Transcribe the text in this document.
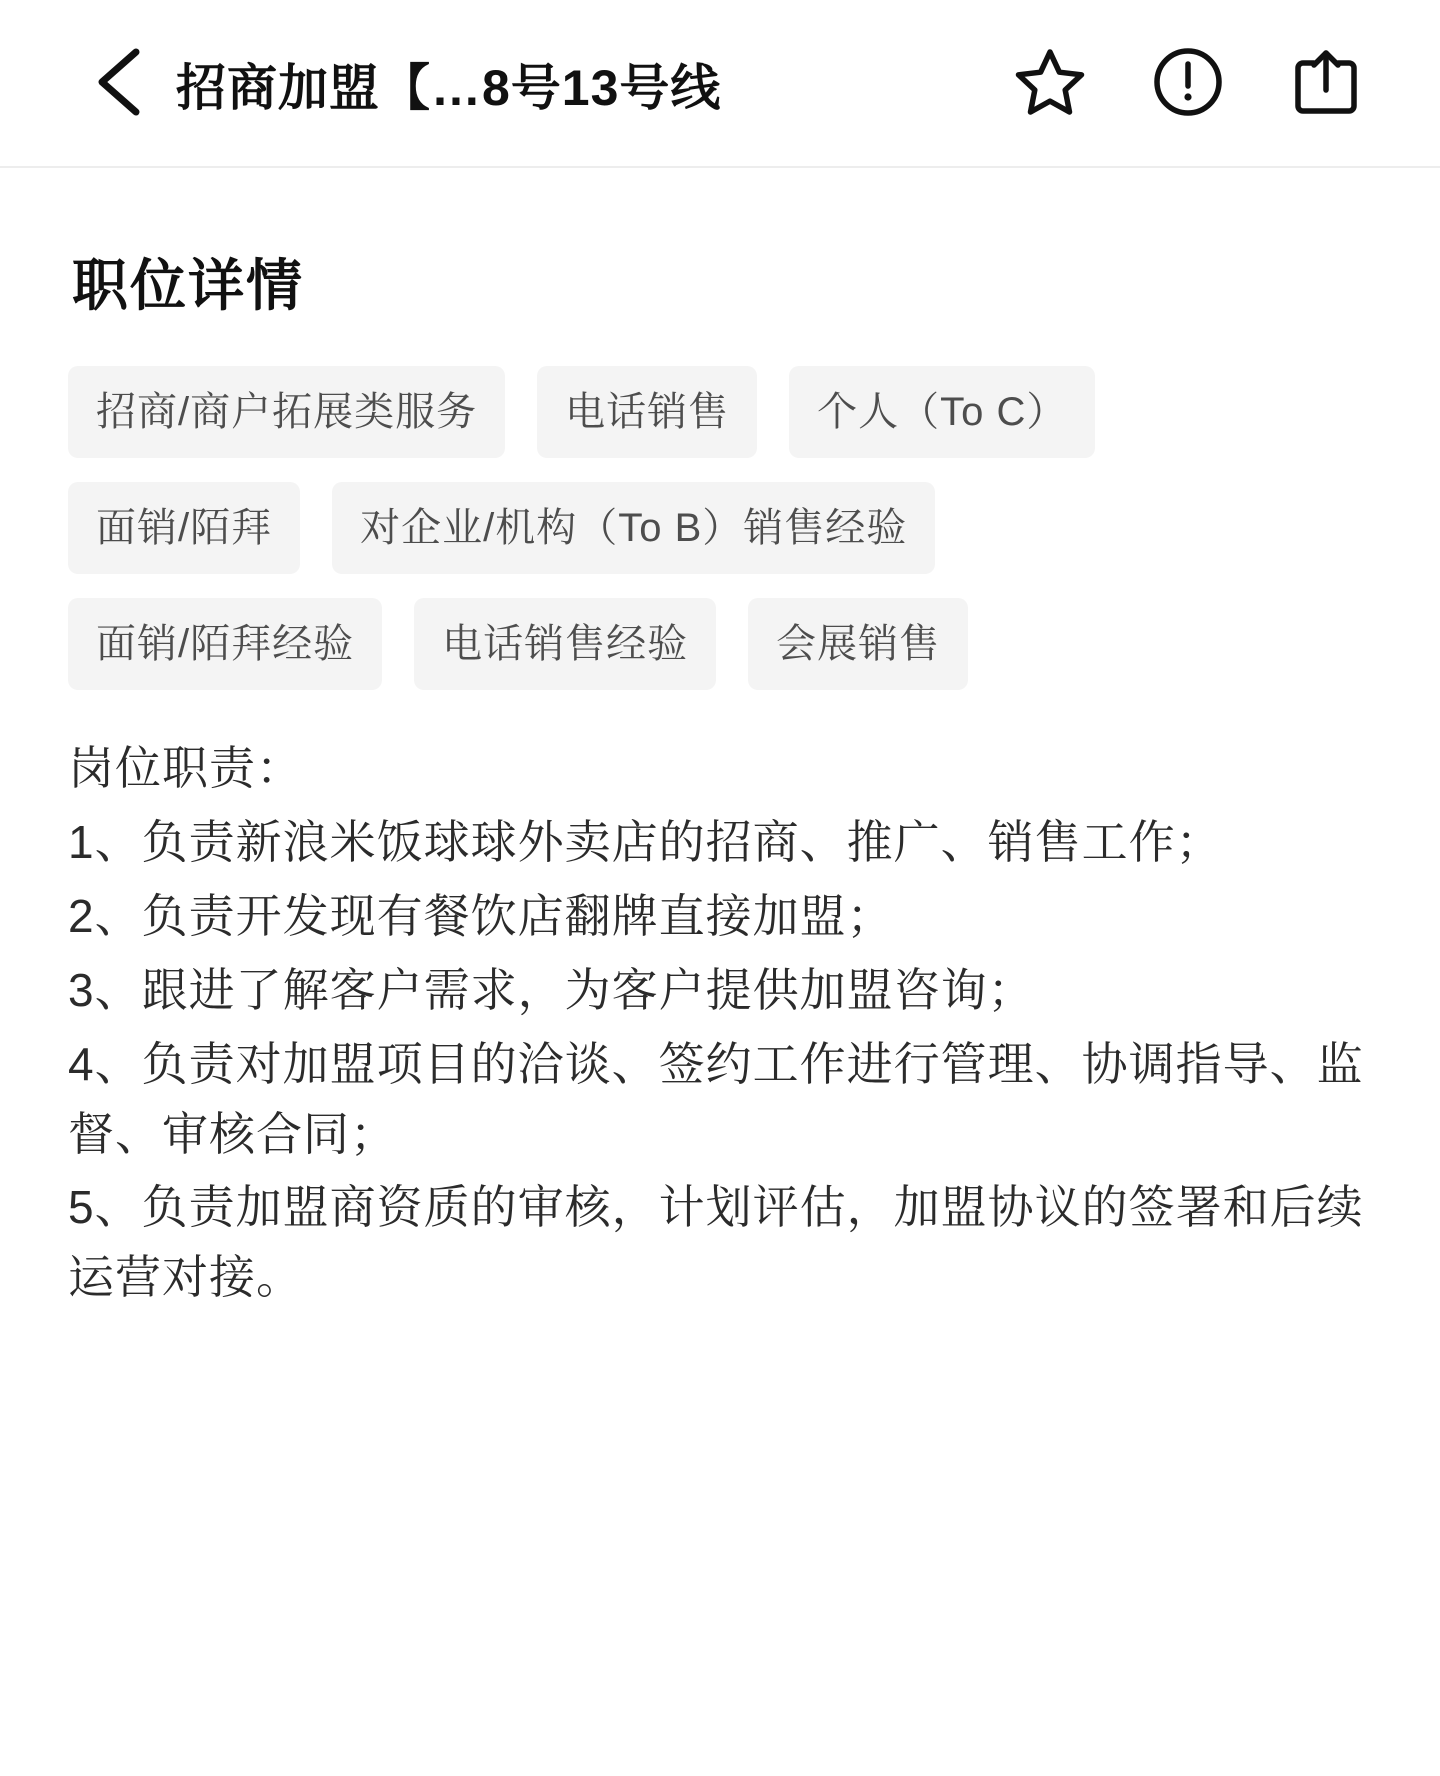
招商加盟【…8号13号线
职位详情
招商/商户拓展类服务	电话销售	个人（To C）
面销/陌拜	对企业/机构（To B）销售经验
面销/陌拜经验	电话销售经验	会展销售

岗位职责：

1、负责新浪米饭球球外卖店的招商、推广、销售工作；

2、负责开发现有餐饮店翻牌直接加盟；

3、跟进了解客户需求，为客户提供加盟咨询；

4、负责对加盟项目的洽谈、签约工作进行管理、协调指导、监督、审核合同；

5、负责加盟商资质的审核，计划评估，加盟协议的签署和后续运营对接。
